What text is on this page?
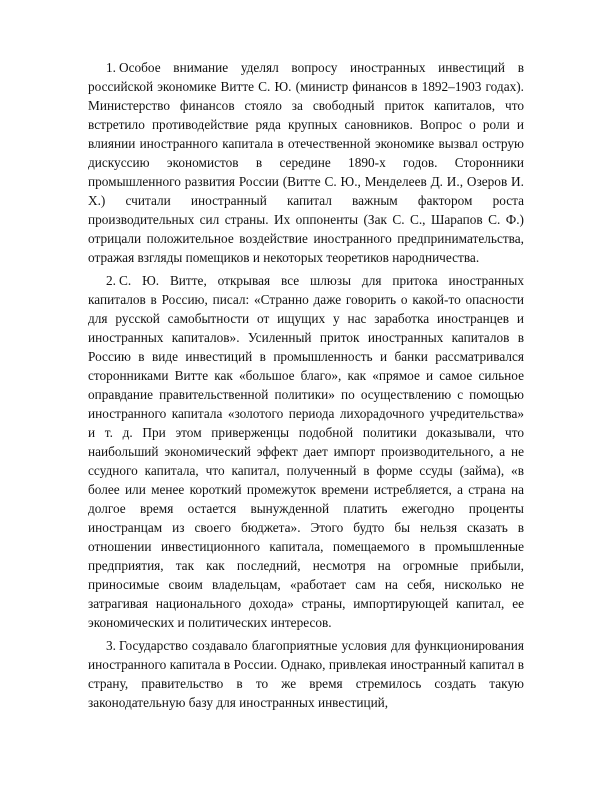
1. Особое внимание уделял вопросу иностранных инвестиций в российской экономике Витте С. Ю. (министр финансов в 1892–1903 годах). Министерство финансов стояло за свободный приток капиталов, что встретило противодействие ряда крупных сановников. Вопрос о роли и влиянии иностранного капитала в отечественной экономике вызвал острую дискуссию экономистов в середине 1890-х годов. Сторонники промышленного развития России (Витте С. Ю., Менделеев Д. И., Озеров И. Х.) считали иностранный капитал важным фактором роста производительных сил страны. Их оппоненты (Зак С. С., Шарапов С. Ф.) отрицали положительное воздействие иностранного предпринимательства, отражая взгляды помещиков и некоторых теоретиков народничества.

2. С. Ю. Витте, открывая все шлюзы для притока иностранных капиталов в Россию, писал: «Странно даже говорить о какой-то опасности для русской самобытности от ищущих у нас заработка иностранцев и иностранных капиталов». Усиленный приток иностранных капиталов в Россию в виде инвестиций в промышленность и банки рассматривался сторонниками Витте как «большое благо», как «прямое и самое сильное оправдание правительственной политики» по осуществлению с помощью иностранного капитала «золотого периода лихорадочного учредительства» и т. д. При этом приверженцы подобной политики доказывали, что наибольший экономический эффект дает импорт производительного, а не ссудного капитала, что капитал, полученный в форме ссуды (займа), «в более или менее короткий промежуток времени истребляется, а страна на долгое время остается вынужденной платить ежегодно проценты иностранцам из своего бюджета». Этого будто бы нельзя сказать в отношении инвестиционного капитала, помещаемого в промышленные предприятия, так как последний, несмотря на огромные прибыли, приносимые своим владельцам, «работает сам на себя, нисколько не затрагивая национального дохода» страны, импортирующей капитал, ее экономических и политических интересов.

3. Государство создавало благоприятные условия для функционирования иностранного капитала в России. Однако, привлекая иностранный капитал в страну, правительство в то же время стремилось создать такую законодательную базу для иностранных инвестиций,
